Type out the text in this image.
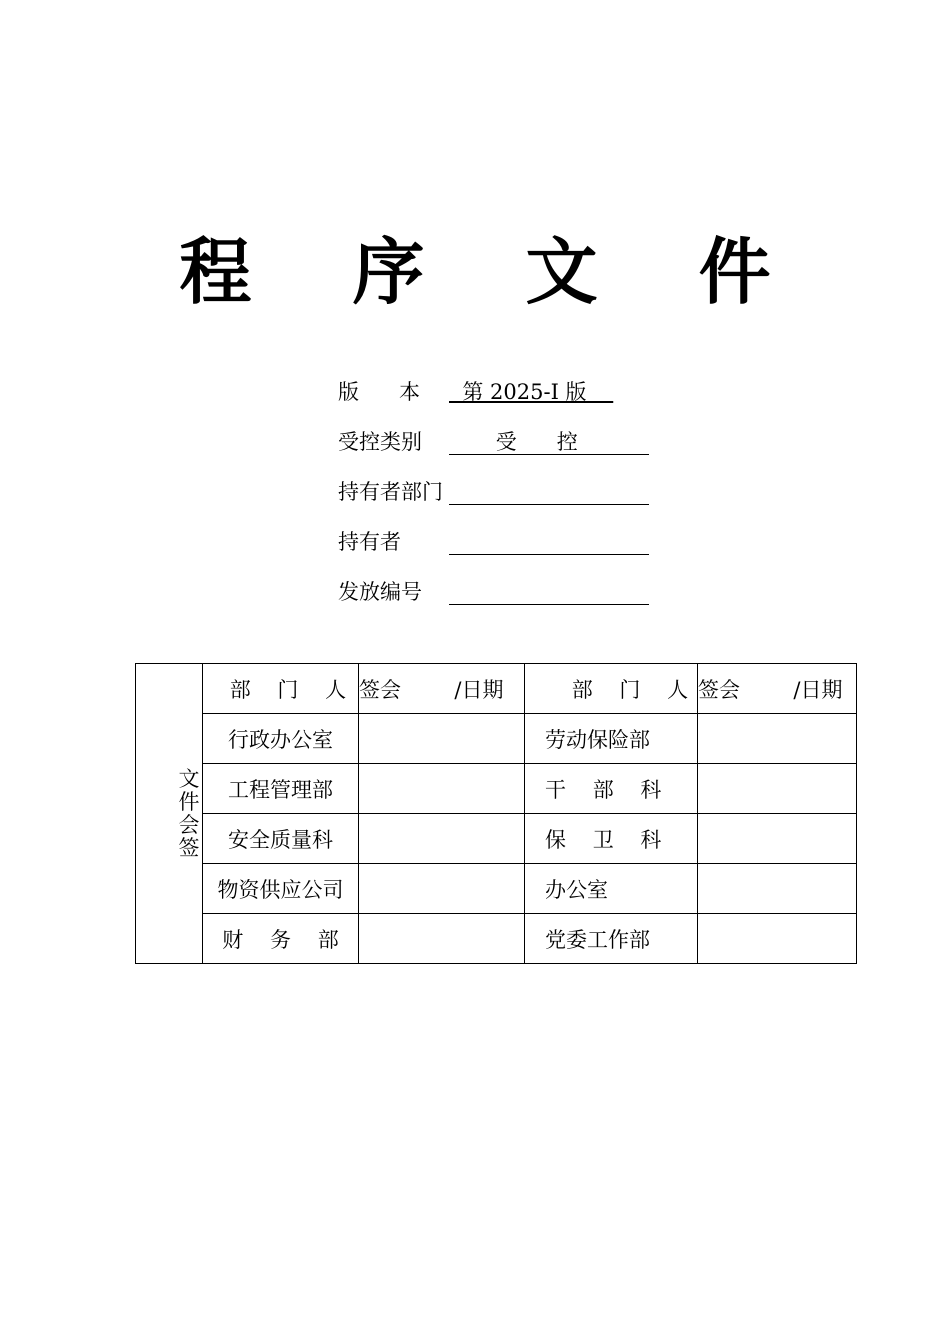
程 序 文 件
版      本 第 2025-I 版
受控类别 受      控
持有者部门
持有者
发放编号

文件会签	部    门    人	签会        /日期	部    门    人	签会        /日期
	行政办公室		劳动保险部	
	工程管理部		干    部    科	
	安全质量科		保    卫    科	
	物资供应公司		办公室	
	财    务    部		党委工作部	
